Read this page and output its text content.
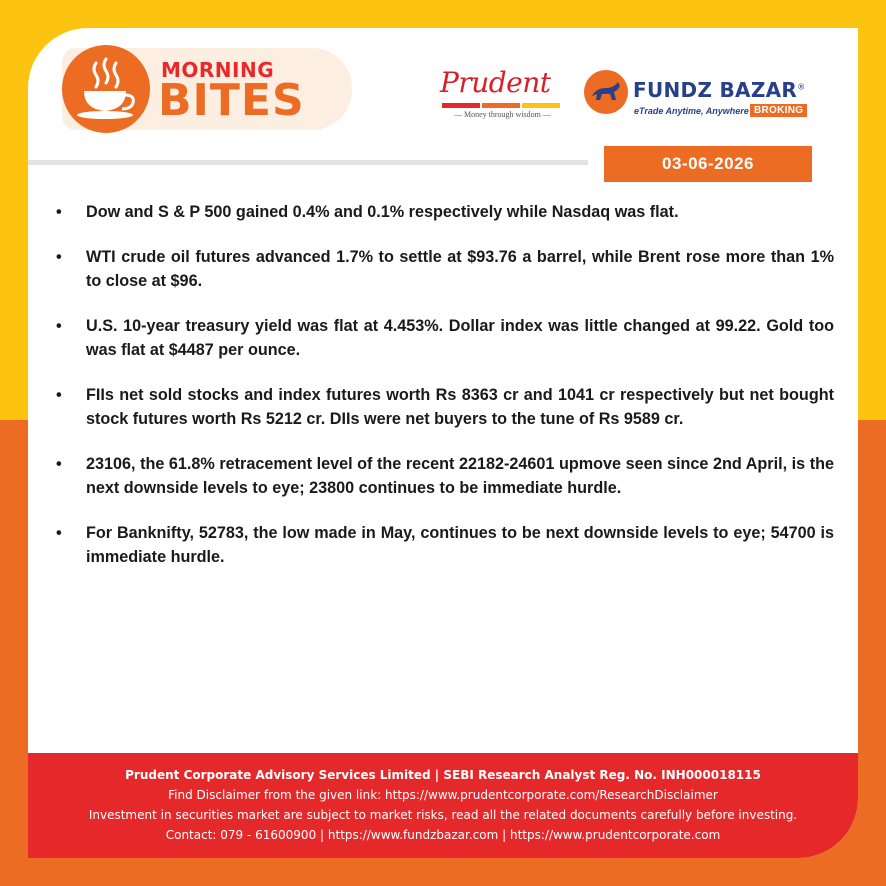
MORNING
BITES	Prudent
— Money through wisdom —
FUNDZ BAZAR®
eTrade Anytime, Anywhere BROKING
03-06-2026
• Dow and S & P 500 gained 0.4% and 0.1% respectively while Nasdaq was flat.
• WTI crude oil futures advanced 1.7% to settle at $93.76 a barrel, while Brent rose more than 1% to close at $96.
• U.S. 10-year treasury yield was flat at 4.453%. Dollar index was little changed at 99.22. Gold too was flat at $4487 per ounce.
• FIIs net sold stocks and index futures worth Rs 8363 cr and 1041 cr respectively but net bought stock futures worth Rs 5212 cr. DIIs were net buyers to the tune of Rs 9589 cr.
• 23106, the 61.8% retracement level of the recent 22182-24601 upmove seen since 2nd April, is the next downside levels to eye; 23800 continues to be immediate hurdle.
• For Banknifty, 52783, the low made in May, continues to be next downside levels to eye; 54700 is immediate hurdle.
Prudent Corporate Advisory Services Limited | SEBI Research Analyst Reg. No. INH000018115
Find Disclaimer from the given link: https://www.prudentcorporate.com/ResearchDisclaimer
Investment in securities market are subject to market risks, read all the related documents carefully before investing.
Contact: 079 - 61600900 | https://www.fundzbazar.com | https://www.prudentcorporate.com
